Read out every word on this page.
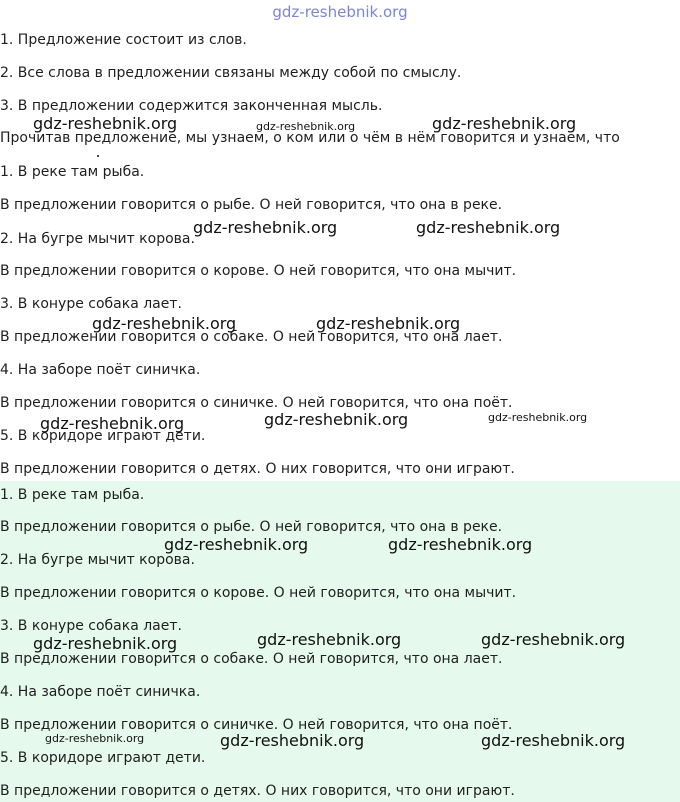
gdz-reshebnik.org

1. Предложение состоит из слов.

2. Все слова в предложении связаны между собой по смыслу.

3. В предложении содержится законченная мысль.

Прочитав предложение, мы узнаем, о ком или о чём в нём говорится и узнаем, что

1. В реке там рыба.

В предложении говорится о рыбе. О ней говорится, что она в реке.

2. На бугре мычит корова.

В предложении говорится о корове. О ней говорится, что она мычит.

3. В конуре собака лает.

В предложении говорится о собаке. О ней говорится, что она лает.

4. На заборе поёт синичка.

В предложении говорится о синичке. О ней говорится, что она поёт.

5. В коридоре играют дети.

В предложении говорится о детях. О них говорится, что они играют.

1. В реке там рыба.

В предложении говорится о рыбе. О ней говорится, что она в реке.

2. На бугре мычит корова.

В предложении говорится о корове. О ней говорится, что она мычит.

3. В конуре собака лает.

В предложении говорится о собаке. О ней говорится, что она лает.

4. На заборе поёт синичка.

В предложении говорится о синичке. О ней говорится, что она поёт.

5. В коридоре играют дети.

В предложении говорится о детях. О них говорится, что они играют.

gdz-reshebnik.org	gdz-reshebnik.org	gdz-reshebnik.org
gdz-reshebnik.org	gdz-reshebnik.org
gdz-reshebnik.org	gdz-reshebnik.org
gdz-reshebnik.org	gdz-reshebnik.org	gdz-reshebnik.org
gdz-reshebnik.org	gdz-reshebnik.org
gdz-reshebnik.org	gdz-reshebnik.org	gdz-reshebnik.org
gdz-reshebnik.org	gdz-reshebnik.org	gdz-reshebnik.org
